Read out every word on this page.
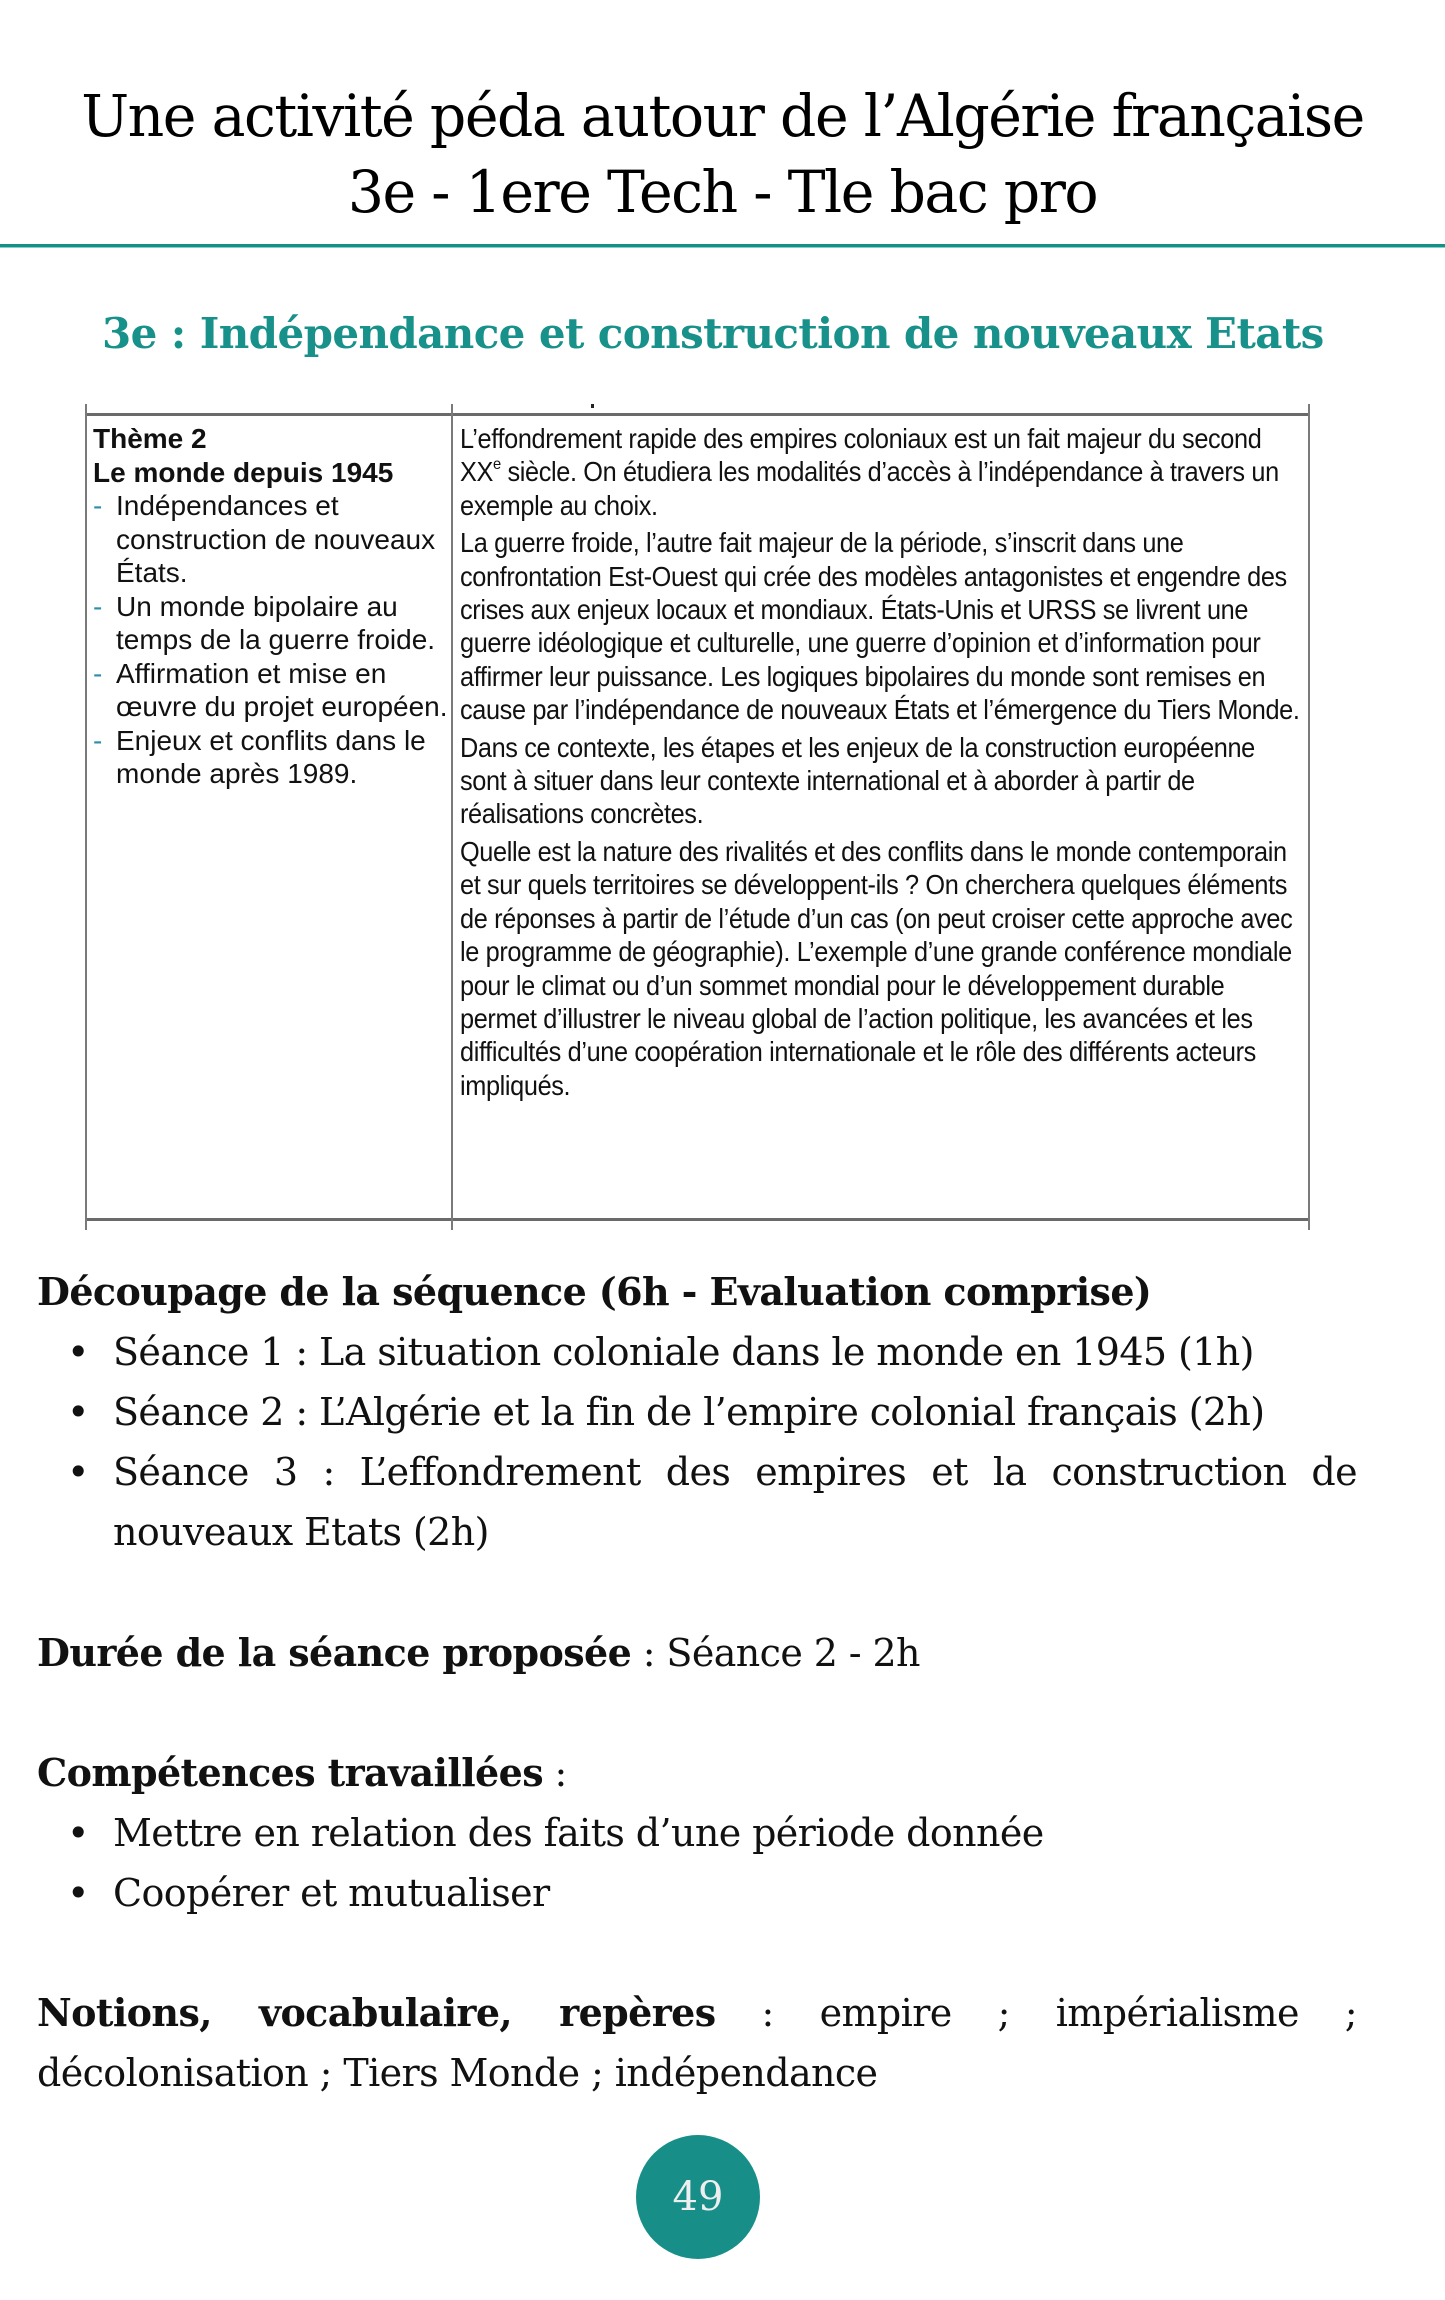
Une activité péda autour de l’Algérie française
3e - 1ere Tech - Tle bac pro
3e : Indépendance et construction de nouveaux Etats
Thème 2
Le monde depuis 1945
- Indépendances et construction de nouveaux États.
- Un monde bipolaire au temps de la guerre froide.
- Affirmation et mise en œuvre du projet européen.
- Enjeux et conflits dans le monde après 1989.

L’effondrement rapide des empires coloniaux est un fait majeur du second XXe siècle. On étudiera les modalités d’accès à l’indépendance à travers un exemple au choix.

La guerre froide, l’autre fait majeur de la période, s’inscrit dans une confrontation Est-Ouest qui crée des modèles antagonistes et engendre des crises aux enjeux locaux et mondiaux. États-Unis et URSS se livrent une guerre idéologique et culturelle, une guerre d’opinion et d’information pour affirmer leur puissance. Les logiques bipolaires du monde sont remises en cause par l’indépendance de nouveaux États et l’émergence du Tiers Monde.

Dans ce contexte, les étapes et les enjeux de la construction européenne sont à situer dans leur contexte international et à aborder à partir de réalisations concrètes.

Quelle est la nature des rivalités et des conflits dans le monde contemporain et sur quels territoires se développent-ils ? On cherchera quelques éléments de réponses à partir de l’étude d’un cas (on peut croiser cette approche avec le programme de géographie). L’exemple d’une grande conférence mondiale pour le climat ou d’un sommet mondial pour le développement durable permet d’illustrer le niveau global de l’action politique, les avancées et les difficultés d’une coopération internationale et le rôle des différents acteurs impliqués.

Découpage de la séquence (6h - Evaluation comprise)
• Séance 1 : La situation coloniale dans le monde en 1945 (1h)
• Séance 2 : L’Algérie et la fin de l’empire colonial français (2h)
• Séance 3 : L’effondrement des empires et la construction de nouveaux Etats (2h)
Durée de la séance proposée : Séance 2 - 2h
Compétences travaillées :
• Mettre en relation des faits d’une période donnée
• Coopérer et mutualiser
Notions, vocabulaire, repères : empire ; impérialisme ; décolonisation ; Tiers Monde ; indépendance
49
